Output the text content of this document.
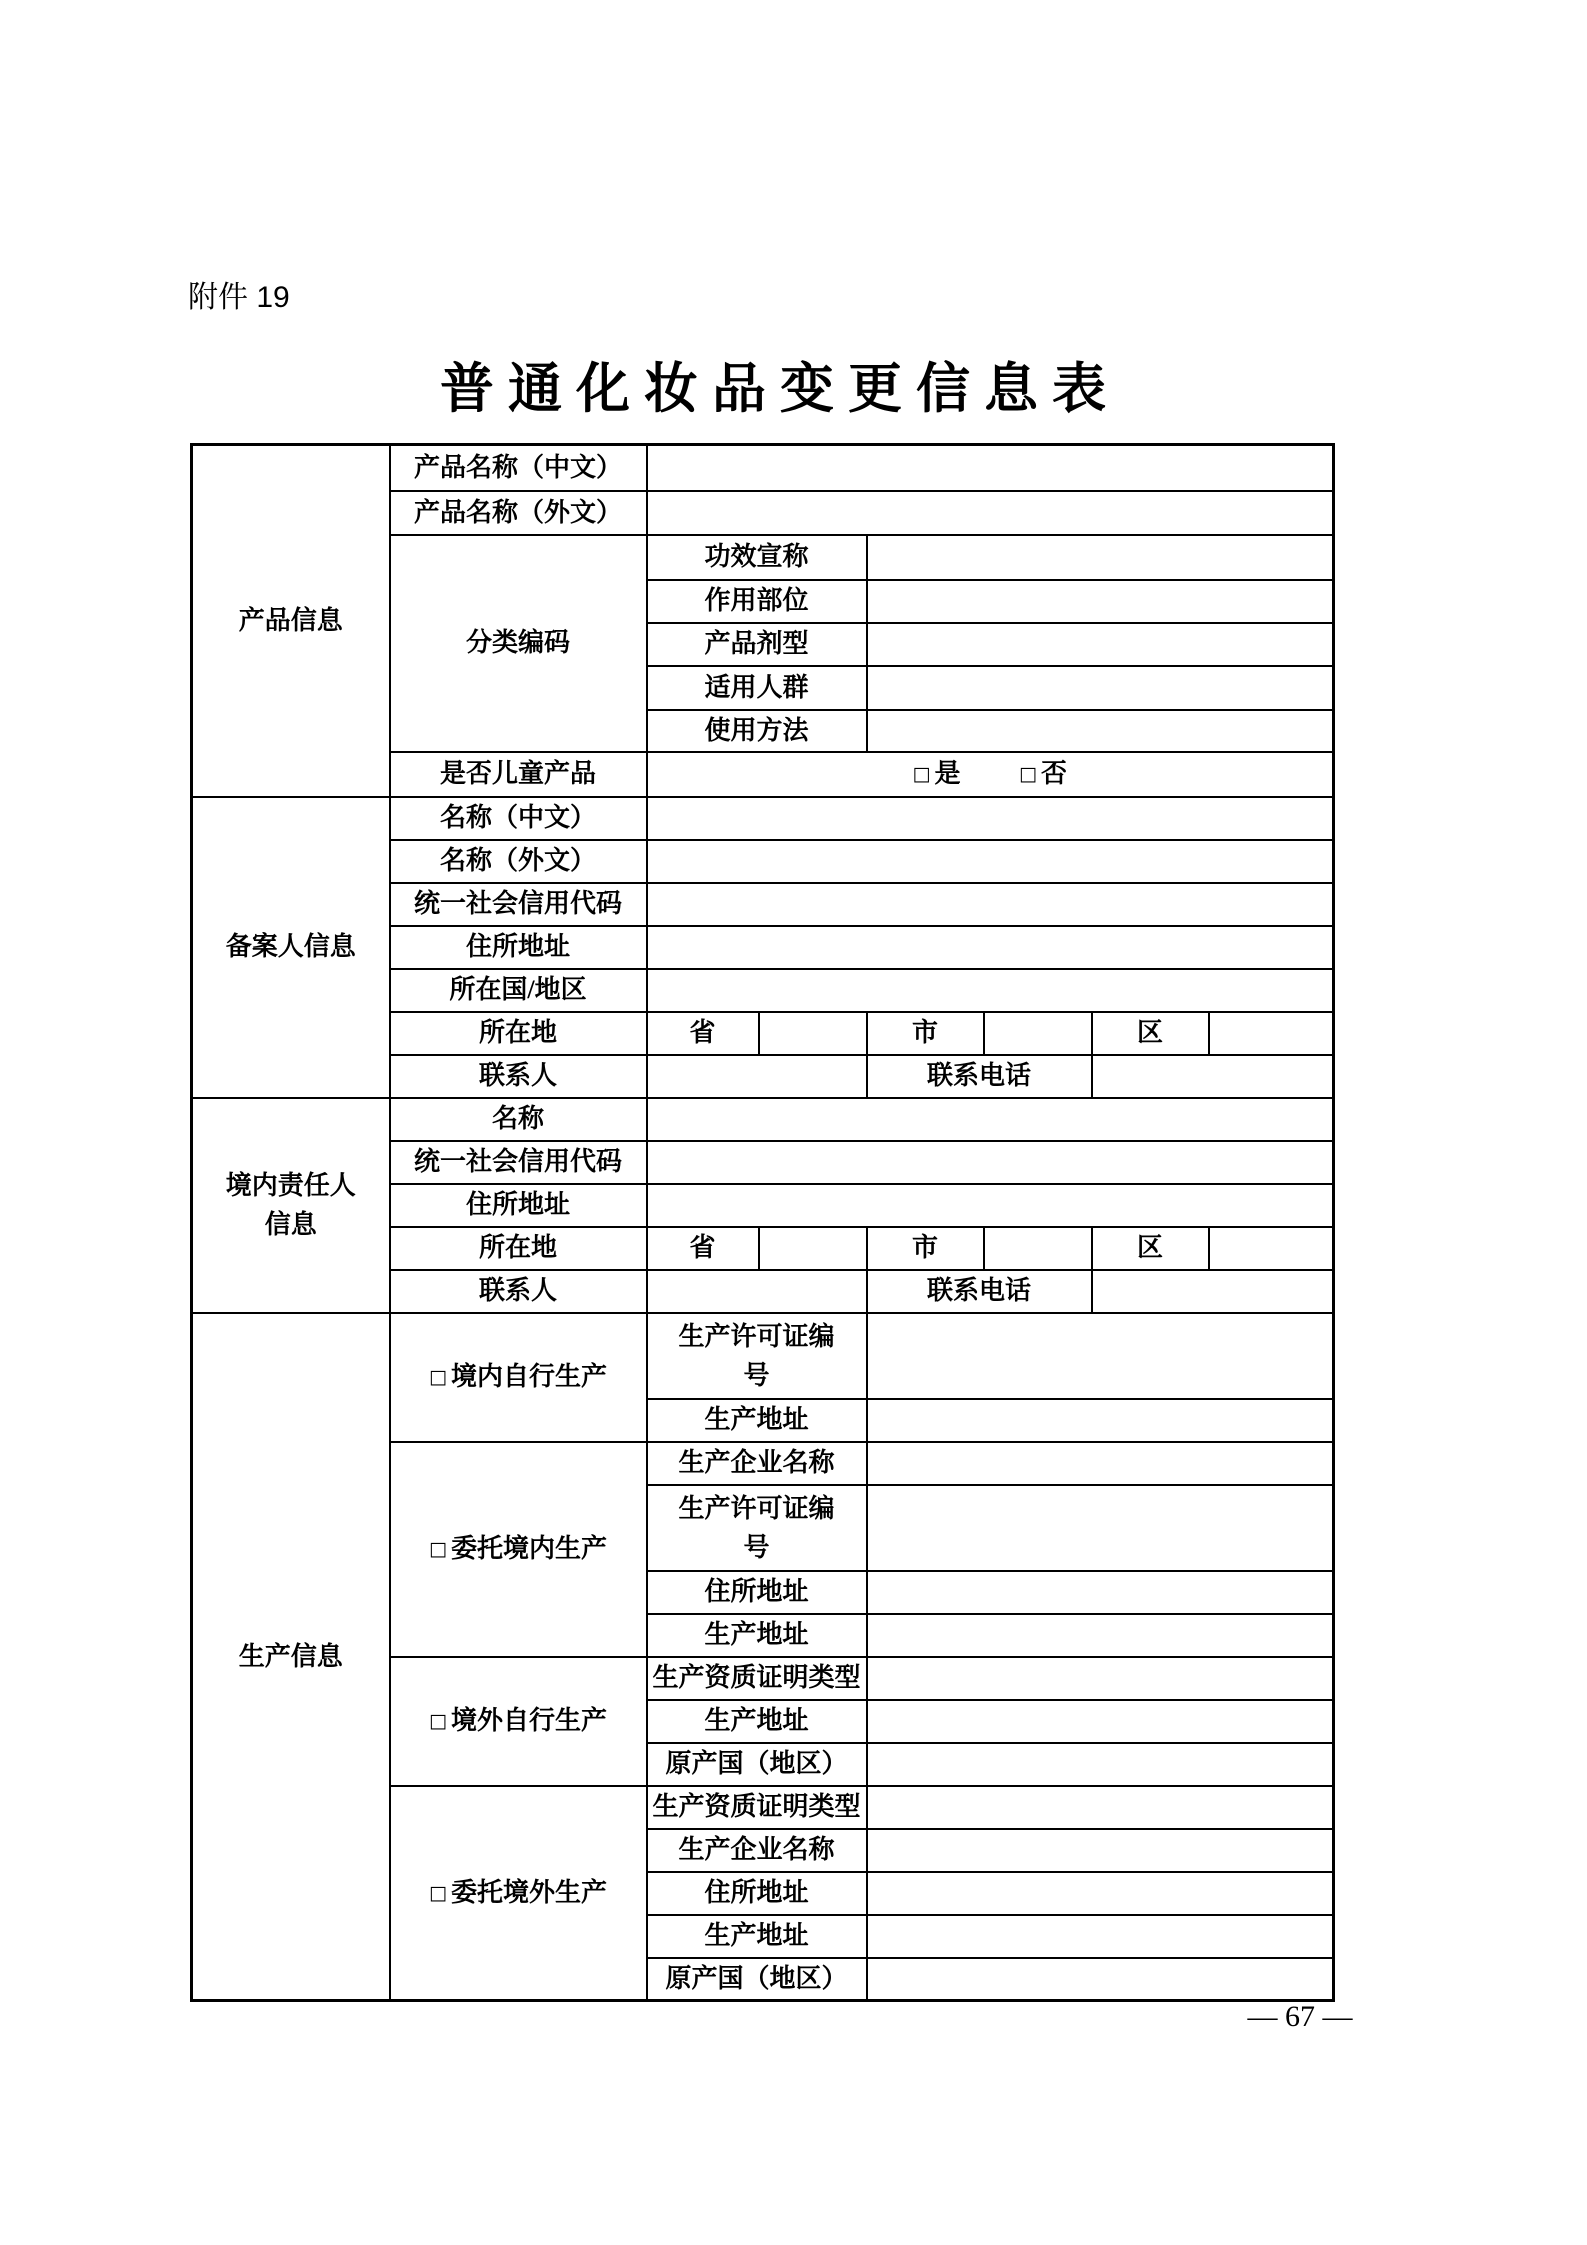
附件 19
普通化妆品变更信息表
产品信息	产品名称（中文）						
	产品名称（外文）						
	分类编码	功效宣称					
		作用部位					
		产品剂型					
		适用人群					
		使用方法					
	是否儿童产品	□ 是 □ 否					
备案人信息	名称（中文）						
	名称（外文）						
	统一社会信用代码						
	住所地址						
	所在国/地区						
	所在地	省		市		区	
	联系人			联系电话			
境内责任人信息	名称						
	统一社会信用代码						
	住所地址						
	所在地	省		市		区	
	联系人			联系电话			
生产信息	□ 境内自行生产	生产许可证编号					
		生产地址					
	□ 委托境内生产	生产企业名称					
		生产许可证编号					
		住所地址					
		生产地址					
	□ 境外自行生产	生产资质证明类型					
		生产地址					
		原产国（地区）					
	□ 委托境外生产	生产资质证明类型					
		生产企业名称					
		住所地址					
		生产地址					
		原产国（地区）					
— 67 —
